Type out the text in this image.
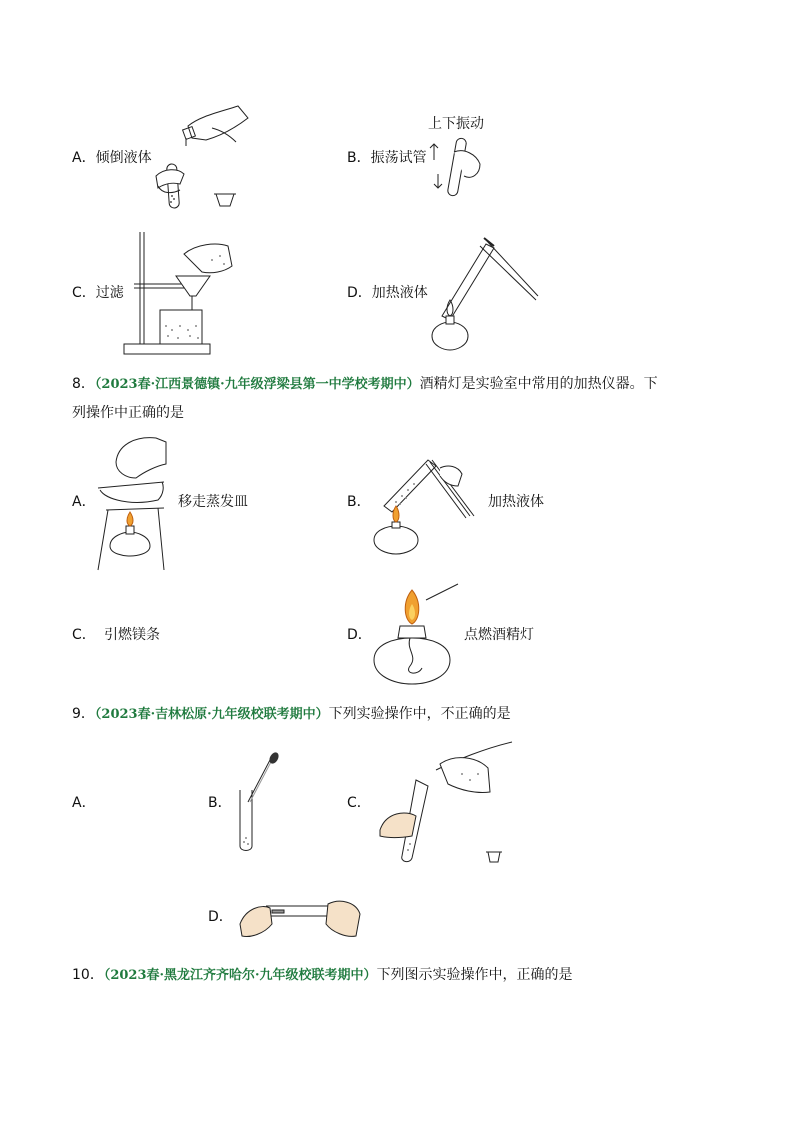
A．倾倒液体	B．振荡试管
上下振动
C．过滤	D．加热液体
8．（2023春·江西景德镇·九年级浮梁县第一中学校考期中）酒精灯是实验室中常用的加热仪器。下
列操作中正确的是
A．	移走蒸发皿	B．	加热液体
C． 引燃镁条	D．	点燃酒精灯
9．（2023春·吉林松原·九年级校联考期中）下列实验操作中，不正确的是
A．	B．	C．
D．
10．（2023春·黑龙江齐齐哈尔·九年级校联考期中）下列图示实验操作中，正确的是
